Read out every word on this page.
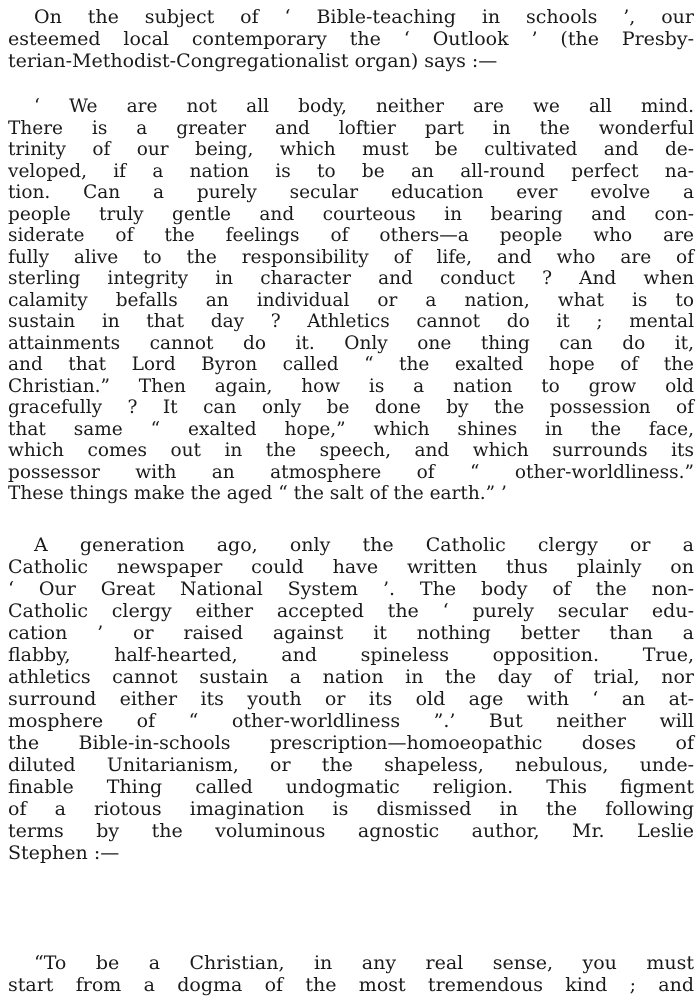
On the subject of ‘ Bible-teaching in schools ’, our
esteemed local contemporary the ‘ Outlook ’ (the Presby-
terian-Methodist-Congregationalist organ) says :—

‘ We are not all body, neither are we all mind.
There is a greater and loftier part in the wonderful
trinity of our being, which must be cultivated and de-
veloped, if a nation is to be an all-round perfect na-
tion. Can a purely secular education ever evolve a
people truly gentle and courteous in bearing and con-
siderate of the feelings of others—a people who are
fully alive to the responsibility of life, and who are of
sterling integrity in character and conduct ? And when
calamity befalls an individual or a nation, what is to
sustain in that day ? Athletics cannot do it ; mental
attainments cannot do it. Only one thing can do it,
and that Lord Byron called “ the exalted hope of the
Christian.” Then again, how is a nation to grow old
gracefully ? It can only be done by the possession of
that same “ exalted hope,” which shines in the face,
which comes out in the speech, and which surrounds its
possessor with an atmosphere of “ other-worldliness.”
These things make the aged “ the salt of the earth.” ’

A generation ago, only the Catholic clergy or a
Catholic newspaper could have written thus plainly on
‘ Our Great National System ’. The body of the non-
Catholic clergy either accepted the ‘ purely secular edu-
cation ’ or raised against it nothing better than a
flabby, half-hearted, and spineless opposition. True,
athletics cannot sustain a nation in the day of trial, nor
surround either its youth or its old age with ‘ an at-
mosphere of “ other-worldliness ”.’ But neither will
the Bible-in-schools prescription—homoeopathic doses of
diluted Unitarianism, or the shapeless, nebulous, unde-
finable Thing called undogmatic religion. This figment
of a riotous imagination is dismissed in the following
terms by the voluminous agnostic author, Mr. Leslie
Stephen :—

“To be a Christian, in any real sense, you must
start from a dogma of the most tremendous kind ; and
